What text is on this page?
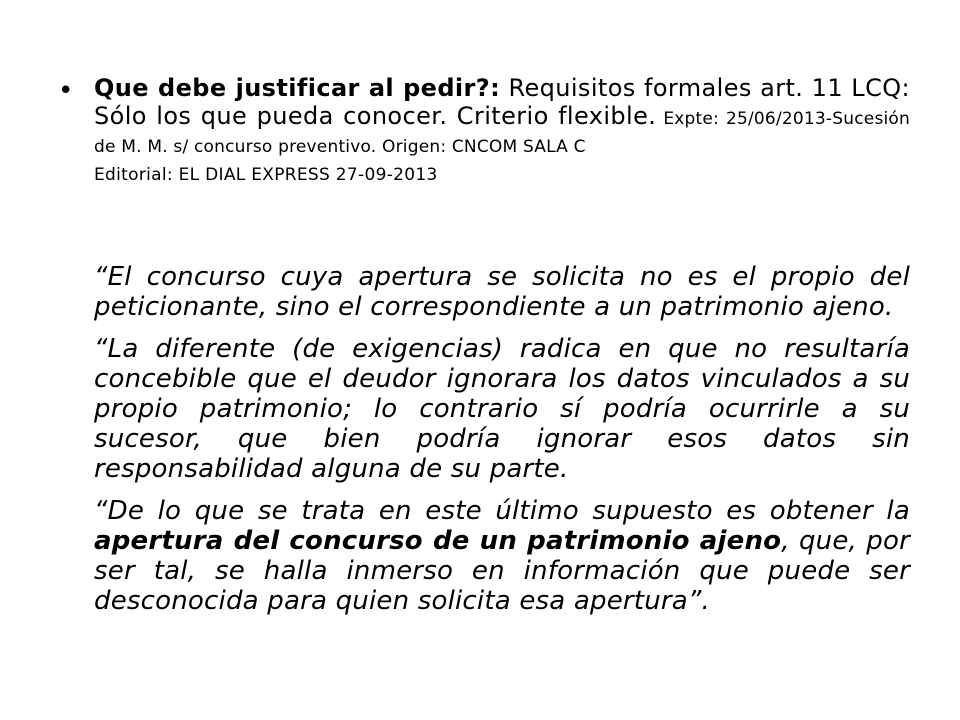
• Que debe justificar al pedir?: Requisitos formales art. 11 LCQ: Sólo los que pueda conocer. Criterio flexible. Expte: 25/06/2013-Sucesión de M. M. s/ concurso preventivo. Origen: CNCOM SALA C
Editorial: EL DIAL EXPRESS 27-09-2013

“El concurso cuya apertura se solicita no es el propio del peticionante, sino el correspondiente a un patrimonio ajeno.

“La diferente (de exigencias) radica en que no resultaría concebible que el deudor ignorara los datos vinculados a su propio patrimonio; lo contrario sí podría ocurrirle a su sucesor, que bien podría ignorar esos datos sin responsabilidad alguna de su parte.

“De lo que se trata en este último supuesto es obtener la apertura del concurso de un patrimonio ajeno, que, por ser tal, se halla inmerso en información que puede ser desconocida para quien solicita esa apertura”.
